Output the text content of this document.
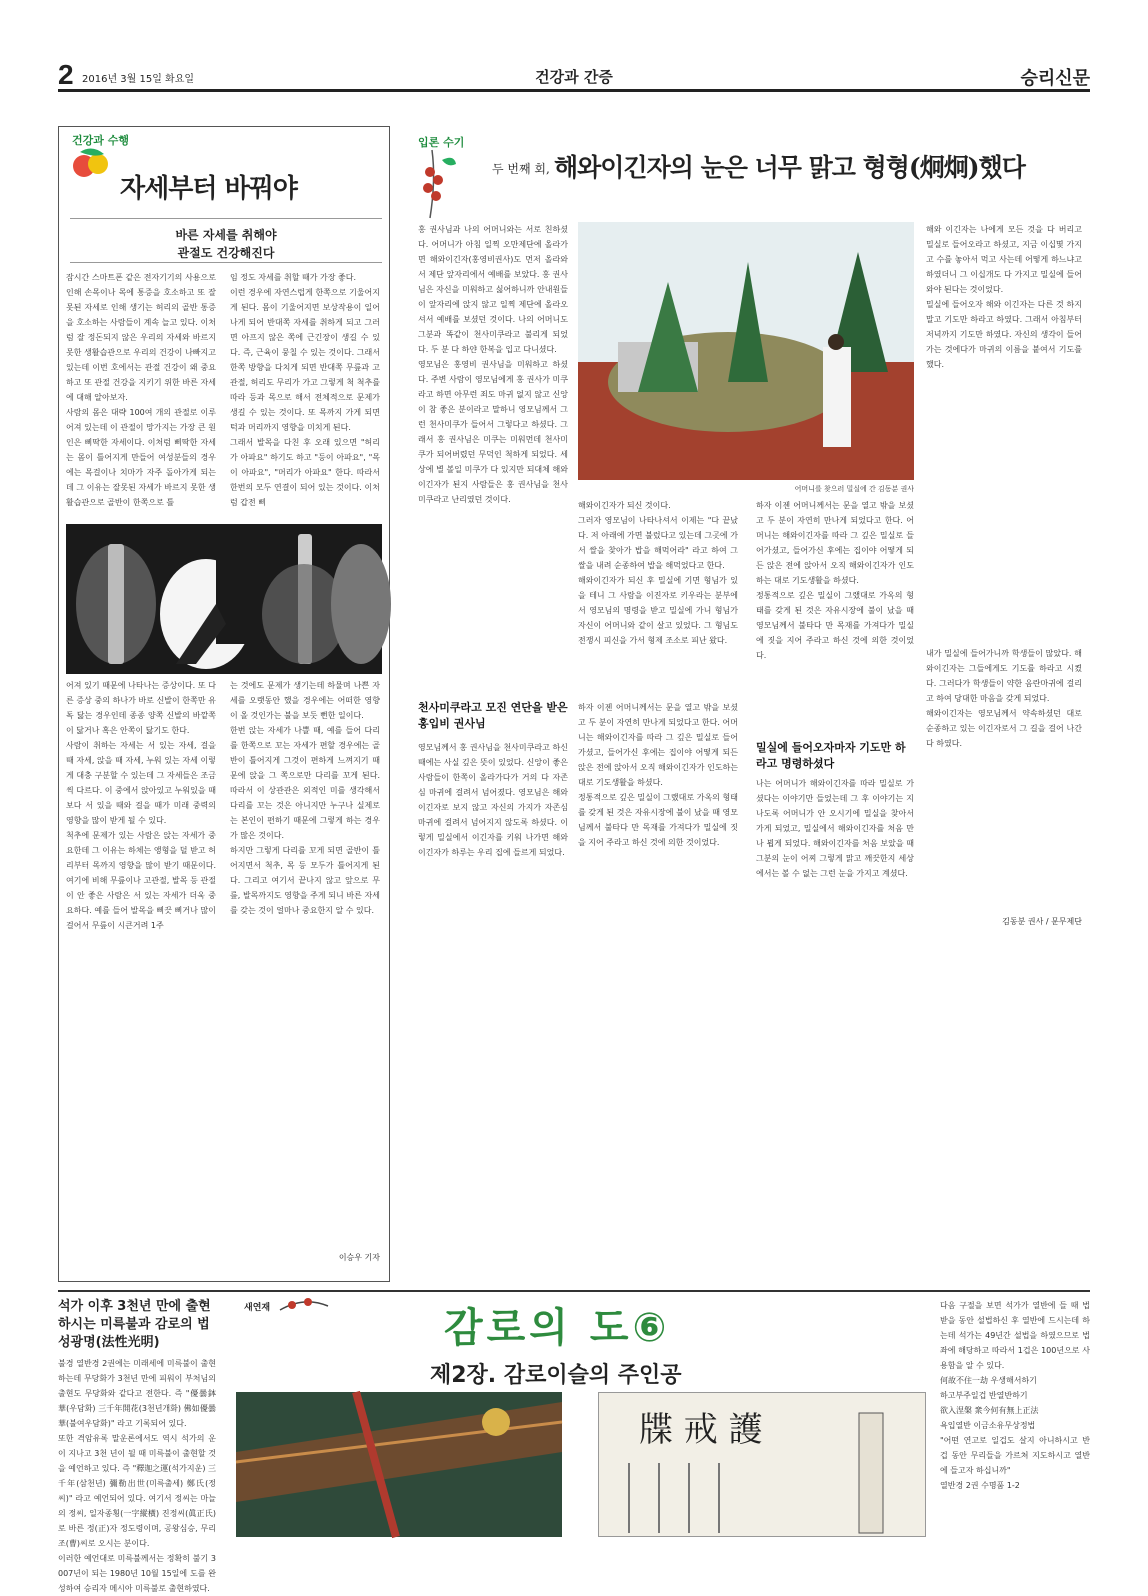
2 2016년 3월 15일 화요일	건강과 간증	승리신문
건강과 수행
자세부터 바꿔야
바른 자세를 취해야
관절도 건강해진다
잠시간 스마트폰 같은 전자기기의 사용으로 인해 손목이나 목에 통증을 호소하고 또 잘못된 자세로 인해 생기는 허리의 골반 통증을 호소하는 사람들이 계속 늘고 있다. 이처럼 잘 정돈되지 않은 우리의 자세와 바르지 못한 생활습관으로 우리의 건강이 나빠지고 있는데 이번 호에서는 관절 건강이 왜 중요하고 또 관절 건강을 지키기 위한 바른 자세에 대해 알아보자.
사람의 몸은 대략 100여 개의 관절로 이루어져 있는데 이 관절이 망가지는 가장 큰 원인은 삐딱한 자세이다. 이처럼 삐딱한 자세는 몸이 틀어지게 만들어 여성분들의 경우에는 목걸이나 치마가 자주 돌아가게 되는데 그 이유는 잘못된 자세가 바르지 못한 생활습관으로 골반이 한쪽으로 틀
임 정도 자세를 취할 때가 가장 좋다.
이런 경우에 자연스럽게 한쪽으로 기울어지게 된다. 몸이 기울어지면 보상작용이 일어나게 되어 반대쪽 자세를 취하게 되고 그러면 아프지 않은 쪽에 근긴장이 생길 수 있다. 즉, 근육이 뭉칠 수 있는 것이다. 그래서 한쪽 방향을 다치게 되면 반대쪽 무릎과 고관절, 허리도 무리가 가고 그렇게 척 척추를 따라 등과 목으로 해서 전체적으로 문제가 생길 수 있는 것이다. 또 목까지 가게 되면 턱과 머리까지 영향을 미치게 된다.
그래서 발목을 다친 후 오래 있으면 "허리가 아파요" 하기도 하고 "등이 아파요", "목이 아파요", "머리가 아파요" 한다. 따라서 한번의 모두 연결이 되어 있는 것이다. 이처럼 갑전 삐
어져 있기 때문에 나타나는 증상이다. 또 다른 증상 중의 하나가 바로 신발이 한쪽만 유독 닳는 경우인데 종종 양쪽 신발의 바깥쪽이 닳거나 혹은 안쪽이 닳기도 한다.
사람이 취하는 자세는 서 있는 자세, 걸을 때 자세, 앉을 때 자세, 누워 있는 자세 이렇게 대충 구분할 수 있는데 그 자세들은 조금씩 다르다. 이 중에서 앉아있고 누워있을 때보다 서 있을 때와 걸을 때가 미래 중력의 영향을 많이 받게 될 수 있다.
척추에 문제가 있는 사람은 앉는 자세가 중요한데 그 이유는 하체는 앵형을 덜 받고 허리부터 목까지 영향을 많이 받기 때문이다. 여기에 비해 무릎이나 고관절, 발목 등 관절이 안 좋은 사람은 서 있는 자세가 더욱 중요하다. 예를 들어 발목을 삐끗 삐거나 많이 걸어서 무릎이 시큰거려 1주
는 것에도 문제가 생기는데 하물며 나쁜 자세를 오랫동안 했을 경우에는 어떠한 영향이 올 것인가는 불을 보듯 뻔한 일이다.
한번 앉는 자세가 나쁠 때, 예를 들어 다리를 한쪽으로 꼬는 자세가 편할 경우에는 골반이 틀어지게 그것이 편하게 느껴지기 때문에 앉을 그 쪽으로만 다리를 꼬게 된다. 따라서 이 상관관은 외적인 미를 생각해서 다리를 꼬는 것은 아니지만 누구나 실제로는 본인이 편하기 때문에 그렇게 하는 경우가 많은 것이다.
하지만 그렇게 다리를 꼬게 되면 골반이 틀어지면서 척추, 목 등 모두가 틀어지게 된다. 그리고 여기서 끝나지 않고 앞으로 무릎, 발목까지도 영향을 주게 되니 바른 자세를 갖는 것이 얼마나 중요한지 알 수 있다.
이승우 기자
입론 수기
두 번째 회, 해와이긴자의 눈은 너무 맑고 형형(炯炯)했다
홍 권사님과 나의 어머니와는 서로 친하셨다. 어머니가 아침 일찍 오만제단에 올라가면 해와이긴자(홍영비권사)도 먼저 올라와서 제단 앞자리에서 예배를 보았다. 홍 권사님은 자신을 미워하고 싫어하니까 안내원들이 앞자리에 앉지 않고 일찍 제단에 올라오셔서 예배를 보셨던 것이다. 나의 어머니도 그분과 똑같이 천사미쿠라고 불리게 되었다. 두 분 다 하얀 한복을 입고 다니셨다.
영모님은 홍영비 권사님을 미워하고 하셨다. 주변 사람이 영모님에게 홍 권사가 미쿠라고 하면 아무런 죄도 마귀 없지 않고 신앙이 참 좋은 분이라고 말하니 영모님께서 그런 천사미쿠가 들어서 그렇다고 하셨다. 그래서 홍 권사님은 미쿠는 미워먼데 천사미쿠가 되어버렸던 무덕인 척하게 되었다. 세상에 별 볼일 미쿠가 다 있지만 되대체 해와이긴자가 된지 사람들은 홍 권사님을 천사미쿠라고 난리였던 것이다.
어머니를 찾으러 밀실에 간 김동분 권사
해와이긴자가 되신 것이다.
그러자 영모님이 나타나셔서 이제는 "다 끝났다. 저 아래에 가면 불렀다고 있는데 그곳에 가서 쌀을 찾아가 밥을 해먹어라" 라고 하여 그 쌀을 내려 순종하여 밥을 해먹었다고 한다.
해와이긴자가 되신 후 밀실에 기면 형님가 있을 테니 그 사람을 이진자로 키우라는 분부에서 영모님의 명령을 받고 밀실에 가니 형님가 자신이 어머니와 같이 살고 있었다. 그 형님도 전쟁시 피신을 가서 형제 조소로 피난 왔다.
천사미쿠라고 모진 연단을 받은 홍입비 권사님
영모님께서 홍 권사님을 천사미쿠라고 하신 때에는 사실 깊은 뜻이 있었다. 신앙이 좋은 사람들이 한쪽이 올라가다가 거의 다 자존심 마귀에 걸려서 넘어졌다. 영모님은 해와이긴자로 보지 않고 자신의 가지가 자존심 마귀에 걸려서 넘어지지 않도록 하셨다. 이렇게 밀실에서 이긴자를 키워 나가면 해와이긴자가 하루는 우리 집에 들르게 되었다.
하자 이젠 어머니께서는 문을 열고 밖을 보셨고 두 분이 자연히 만나게 되었다고 한다. 어머니는 해와이긴자를 따라 그 깊은 밀실로 들어가셨고, 들어가신 후에는 집이야 어떻게 되든 앉은 전에 앉아서 오직 해와이긴자가 인도하는 대로 기도생활을 하셨다.
정통적으로 깊은 밀실이 그랬대로 가옥의 형태를 갖게 된 것은 자유시장에 불이 났을 때 영모님께서 불타다 만 목재를 가져다가 밀실에 짓을 지어 주라고 하신 것에 의한 것이었다.
하자 이젠 어머니께서는 문을 열고 밖을 보셨고 두 분이 자연히 만나게 되었다고 한다. 어머니는 해와이긴자를 따라 그 깊은 밀실로 들어가셨고, 들어가신 후에는 집이야 어떻게 되든 앉은 전에 앉아서 오직 해와이긴자가 인도하는 대로 기도생활을 하셨다.
정통적으로 깊은 밀실이 그랬대로 가옥의 형태를 갖게 된 것은 자유시장에 불이 났을 때 영모님께서 불타다 만 목재를 가져다가 밀실에 짓을 지어 주라고 하신 것에 의한 것이었다.
밀실에 들어오자마자 기도만 하라고 명령하셨다
나는 어머니가 해와이긴자를 따라 밀실로 가셨다는 이야기만 들었는데 그 후 이야기는 지나도록 어머니가 안 오시기에 밀실을 찾아서 가게 되었고, 밀실에서 해와이긴자를 처음 만나 뵙게 되었다. 해와이긴자를 처음 보았을 때 그분의 눈이 어찌 그렇게 맑고 깨끗한지 세상에서는 볼 수 없는 그런 눈을 가지고 계셨다.
해와 이긴자는 나에게 모든 것을 다 버리고 밀실로 들어오라고 하셨고, 지금 이십몇 가지고 수를 놓아서 먹고 사는데 어떻게 하느냐고 하였더니 그 이십개도 다 가지고 밀실에 들어와야 된다는 것이었다.
밀실에 들어오자 해와 이긴자는 다른 것 하지 말고 기도만 하라고 하였다. 그래서 아침부터 저녁까지 기도만 하였다. 자신의 생각이 들어가는 것에다가 마귀의 이름을 붙여서 기도를 했다.
내가 밀실에 들어가니까 학생들이 많았다. 해와이긴자는 그들에게도 기도를 하라고 시켰다. 그러다가 학생들이 약한 음란마귀에 걸리고 하여 당대한 마음을 갖게 되었다.
해와이긴자는 영모님께서 약속하셨던 대로 순종하고 있는 이긴자로서 그 길을 걸어 나간다 하였다.
김동분 권사 / 문무제단
석가 이후 3천년 만에 출현하시는 미륵불과 감로의 법성광명(法性光明)
불경 열반경 2권에는 미래세에 미륵불이 출현하는데 무당화가 3천년 만에 피워이 부처님의 출현도 무당화와 같다고 전한다. 즉 "優曇鉢華(우담화) 三千年開花(3천년개화) 佛如優曇華(불여우담화)" 라고 기록되어 있다.
또한 격암유록 말운론에서도 역시 석가의 운이 지나고 3천 년이 될 때 미륵불이 출현할 것을 예언하고 있다. 즉 "釋迦之運(석가지운) 三千年(삼천년) 彌勒出世(미륵출세) 鄭氏(정씨)" 라고 예언되어 있다. 여기서 정씨는 마늘의 정씨, 일자종횡(一字縱橫) 진정씨(眞正氏)로 바른 정(正)자 정도령이며, 공왕심승, 무리 조(曹)씨로 오시는 분이다.
이러한 예언대로 미륵불께서는 정확히 불기 3007년이 되는 1980년 10월 15일에 도를 완성하여 승리자 메시아 미륵불로 출현하였다.
새연재	감로의 도⑥
제2장. 감로이슬의 주인공
牒 戒 護
다음 구절을 보면 석가가 열반에 들 때 법 받을 동안 설법하신 후 열반에 드시는데 하는데 석가는 49년간 설법을 하였으므로 법좌에 해당하고 따라서 1겁은 100년으로 사용함을 알 수 있다.
何故不住一劫 우생해서하기
하고부주일겁 반열반하기
欲入涅槃 衆今何有無上正法
욕입열반 이금소유무상정법
"어떤 연고로 일겁도 살지 아니하시고 반 겁 동안 무리들을 가르쳐 지도하시고 열반에 들고자 하십니까"
열반경 2권 수명품 1-2
